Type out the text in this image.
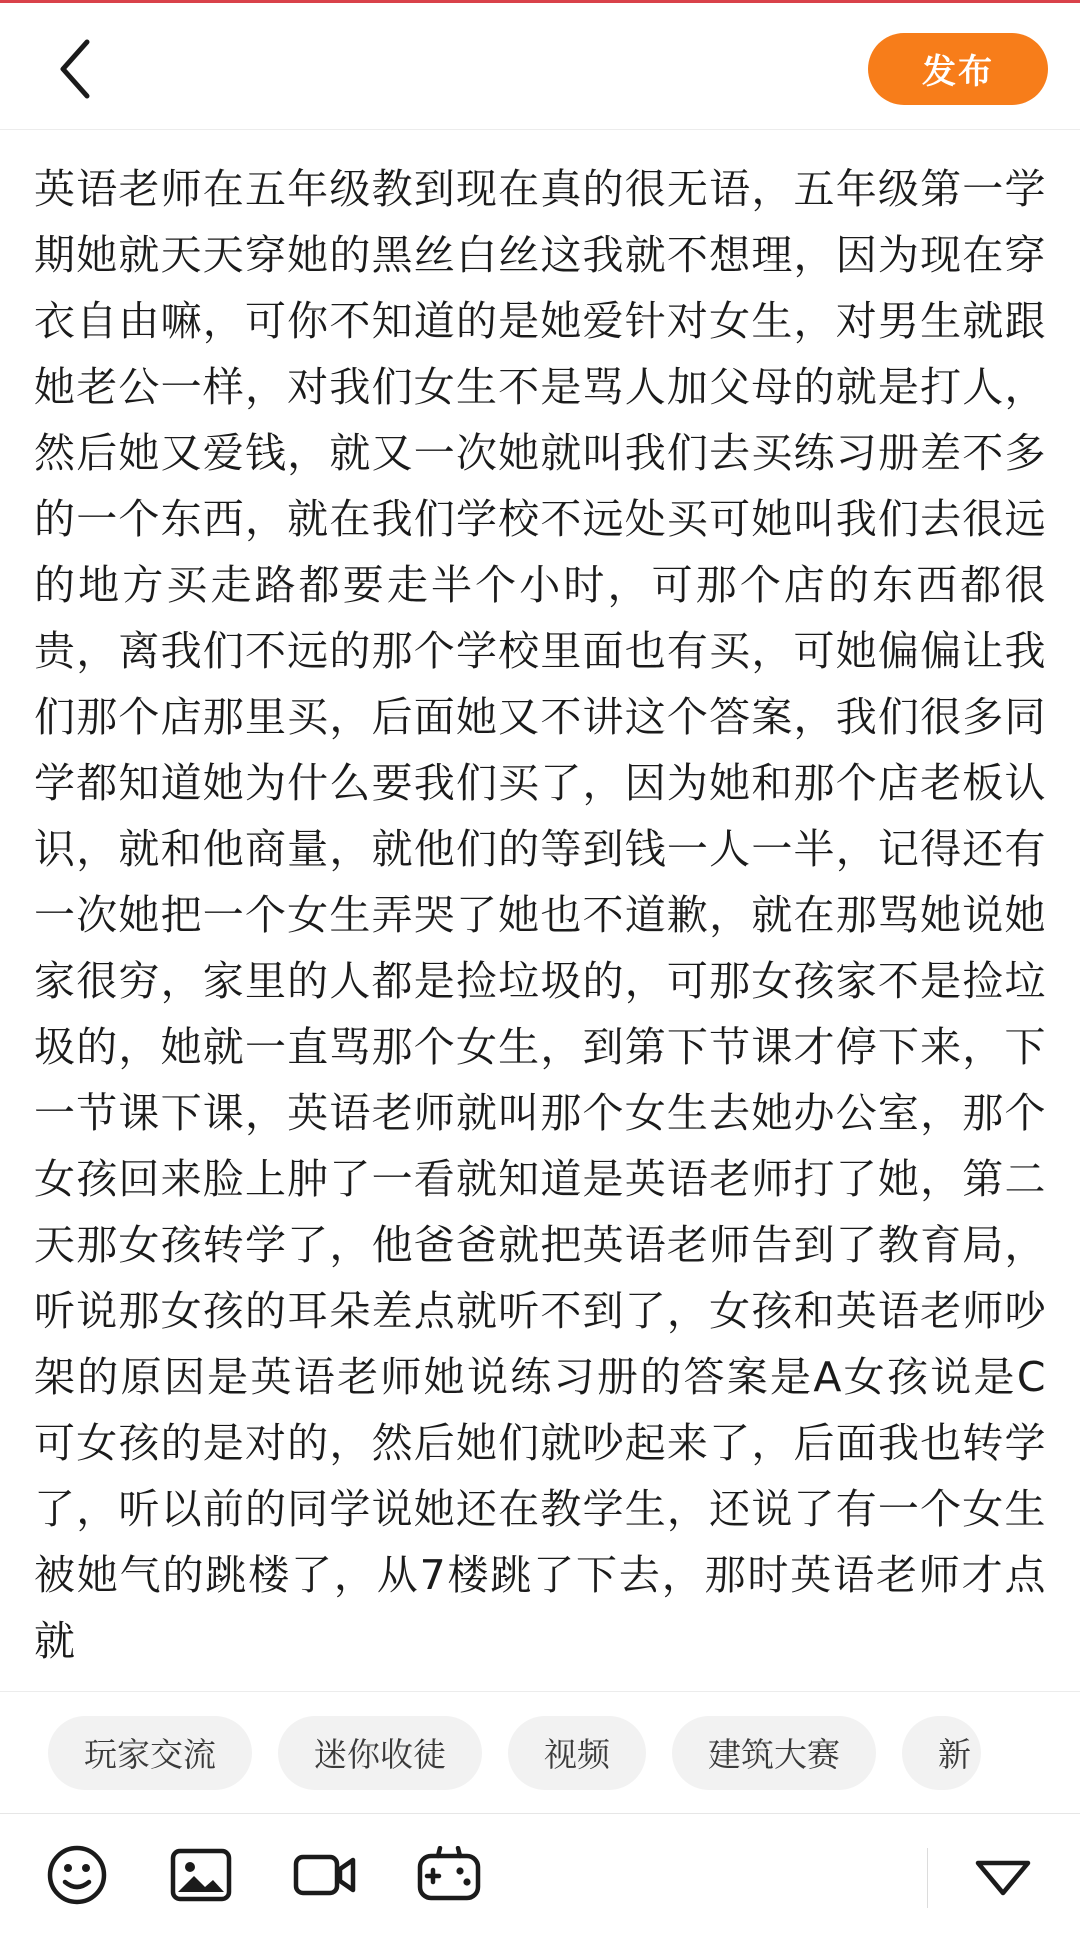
发布
英语老师在五年级教到现在真的很无语，五年级第一学期她就天天穿她的黑丝白丝这我就不想理，因为现在穿衣自由嘛，可你不知道的是她爱针对女生，对男生就跟她老公一样，对我们女生不是骂人加父母的就是打人，然后她又爱钱，就又一次她就叫我们去买练习册差不多的一个东西，就在我们学校不远处买可她叫我们去很远的地方买走路都要走半个小时，可那个店的东西都很贵，离我们不远的那个学校里面也有买，可她偏偏让我们那个店那里买，后面她又不讲这个答案，我们很多同学都知道她为什么要我们买了，因为她和那个店老板认识，就和他商量，就他们的等到钱一人一半，记得还有一次她把一个女生弄哭了她也不道歉，就在那骂她说她家很穷，家里的人都是捡垃圾的，可那女孩家不是捡垃圾的，她就一直骂那个女生，到第下节课才停下来，下一节课下课，英语老师就叫那个女生去她办公室，那个女孩回来脸上肿了一看就知道是英语老师打了她，第二天那女孩转学了，他爸爸就把英语老师告到了教育局，听说那女孩的耳朵差点就听不到了，女孩和英语老师吵架的原因是英语老师她说练习册的答案是A女孩说是C可女孩的是对的，然后她们就吵起来了，后面我也转学了，听以前的同学说她还在教学生，还说了有一个女生被她气的跳楼了，从7楼跳了下去，那时英语老师才点就
玩家交流	迷你收徒	视频	建筑大赛	新
